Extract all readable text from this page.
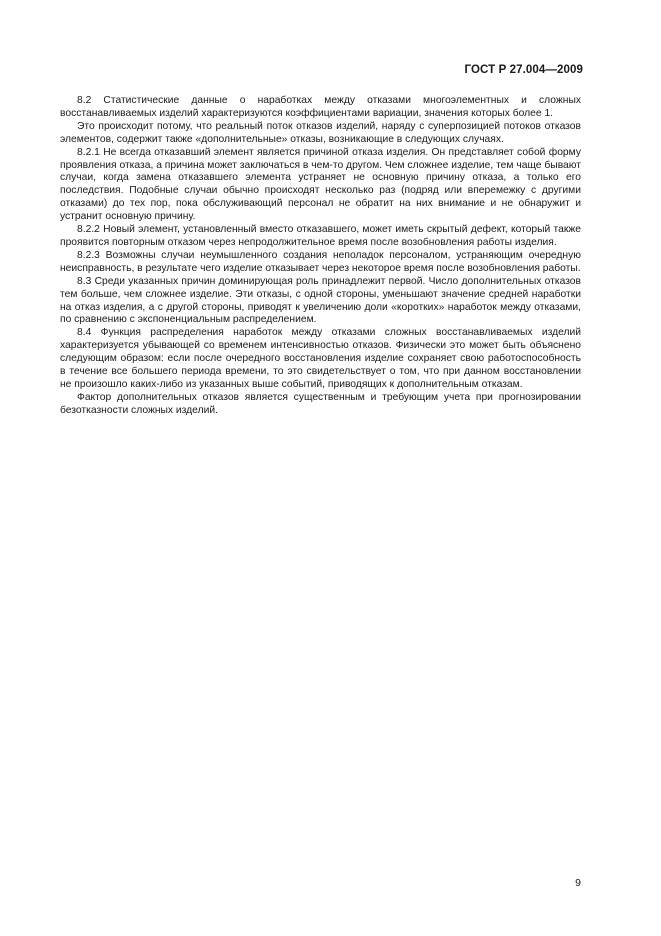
ГОСТ Р 27.004—2009

8.2 Статистические данные о наработках между отказами многоэлементных и сложных восстанавливаемых изделий характеризуются коэффициентами вариации, значения которых более 1.

Это происходит потому, что реальный поток отказов изделий, наряду с суперпозицией потоков отказов элементов, содержит также «дополнительные» отказы, возникающие в следующих случаях.

8.2.1 Не всегда отказавший элемент является причиной отказа изделия. Он представляет собой форму проявления отказа, а причина может заключаться в чем-то другом. Чем сложнее изделие, тем чаще бывают случаи, когда замена отказавшего элемента устраняет не основную причину отказа, а только его последствия. Подобные случаи обычно происходят несколько раз (подряд или вперемежку с другими отказами) до тех пор, пока обслуживающий персонал не обратит на них внимание и не обнаружит и устранит основную причину.

8.2.2 Новый элемент, установленный вместо отказавшего, может иметь скрытый дефект, который также проявится повторным отказом через непродолжительное время после возобновления работы изделия.

8.2.3 Возможны случаи неумышленного создания неполадок персоналом, устраняющим очередную неисправность, в результате чего изделие отказывает через некоторое время после возобновления работы.

8.3 Среди указанных причин доминирующая роль принадлежит первой. Число дополнительных отказов тем больше, чем сложнее изделие. Эти отказы, с одной стороны, уменьшают значение средней наработки на отказ изделия, а с другой стороны, приводят к увеличению доли «коротких» наработок между отказами, по сравнению с экспоненциальным распределением.

8.4 Функция распределения наработок между отказами сложных восстанавливаемых изделий характеризуется убывающей со временем интенсивностью отказов. Физически это может быть объяснено следующим образом: если после очередного восстановления изделие сохраняет свою работоспособность в течение все большего периода времени, то это свидетельствует о том, что при данном восстановлении не произошло каких-либо из указанных выше событий, приводящих к дополнительным отказам.

Фактор дополнительных отказов является существенным и требующим учета при прогнозировании безотказности сложных изделий.

9
